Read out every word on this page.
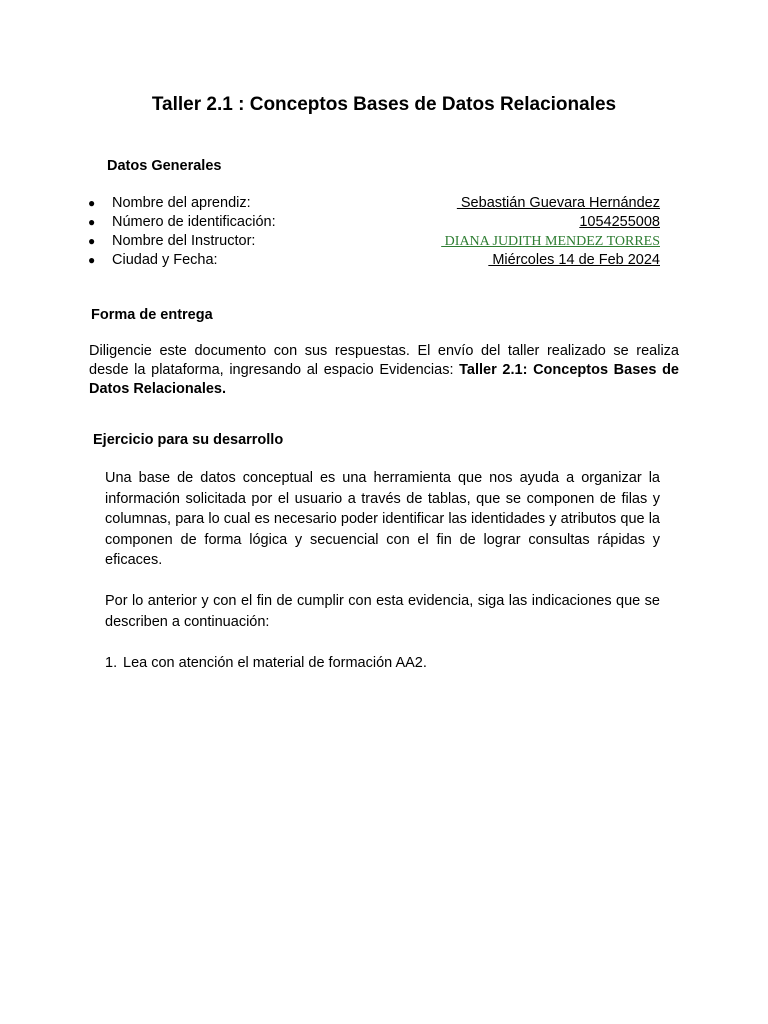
Taller 2.1 : Conceptos Bases de Datos Relacionales
Datos Generales
● Nombre del aprendiz:	Sebastián Guevara Hernández
● Número de identificación:	1054255008
● Nombre del Instructor:	DIANA JUDITH MENDEZ TORRES
● Ciudad y Fecha:	Miércoles 14 de Feb 2024
Forma de entrega

Diligencie este documento con sus respuestas. El envío del taller realizado se realiza desde la plataforma, ingresando al espacio Evidencias: Taller 2.1: Conceptos Bases de Datos Relacionales.

Ejercicio para su desarrollo

Una base de datos conceptual es una herramienta que nos ayuda a organizar la información solicitada por el usuario a través de tablas, que se componen de filas y columnas, para lo cual es necesario poder identificar las identidades y atributos que la componen de forma lógica y secuencial con el fin de lograr consultas rápidas y eficaces.

Por lo anterior y con el fin de cumplir con esta evidencia, siga las indicaciones que se describen a continuación:

1. Lea con atención el material de formación AA2.
